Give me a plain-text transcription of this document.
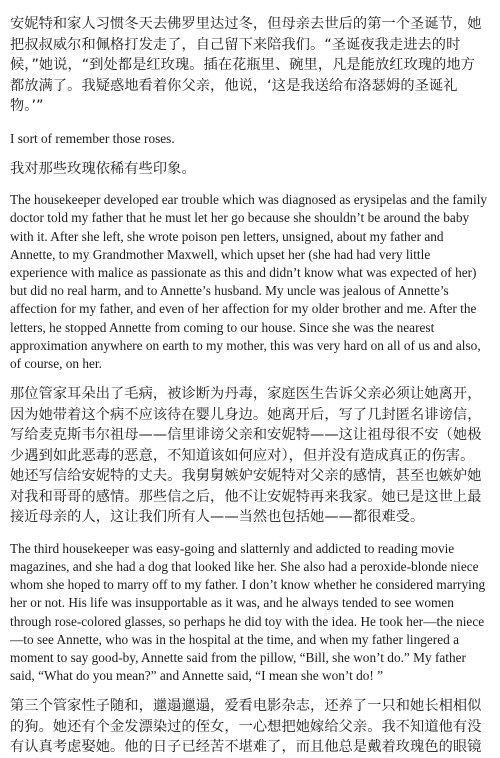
安妮特和家人习惯冬天去佛罗里达过冬，但母亲去世后的第一个圣诞节，她把叔叔威尔和佩格打发走了，自己留下来陪我们。“圣诞夜我走进去的时候，”她说，“到处都是红玫瑰。插在花瓶里、碗里，凡是能放红玫瑰的地方都放满了。我疑惑地看着你父亲，他说，‘这是我送给布洛瑟姆的圣诞礼物。’”

I sort of remember those roses.

我对那些玫瑰依稀有些印象。

The housekeeper developed ear trouble which was diagnosed as erysipelas and the family doctor told my father that he must let her go because she shouldn’t be around the baby with it. After she left, she wrote poison pen letters, unsigned, about my father and Annette, to my Grandmother Maxwell, which upset her (she had had very little experience with malice as passionate as this and didn’t know what was expected of her) but did no real harm, and to Annette’s husband. My uncle was jealous of Annette’s affection for my father, and even of her affection for my older brother and me. After the letters, he stopped Annette from coming to our house. Since she was the nearest approximation anywhere on earth to my mother, this was very hard on all of us and also, of course, on her.

那位管家耳朵出了毛病，被诊断为丹毒，家庭医生告诉父亲必须让她离开，因为她带着这个病不应该待在婴儿身边。她离开后，写了几封匿名诽谤信，写给麦克斯韦尔祖母——信里诽谤父亲和安妮特——这让祖母很不安（她极少遇到如此恶毒的恶意，不知道该如何应对），但并没有造成真正的伤害。她还写信给安妮特的丈夫。我舅舅嫉妒安妮特对父亲的感情，甚至也嫉妒她对我和哥哥的感情。那些信之后，他不让安妮特再来我家。她已是这世上最接近母亲的人，这让我们所有人——当然也包括她——都很难受。

The third housekeeper was easy-going and slatternly and addicted to reading movie magazines, and she had a dog that looked like her. She also had a peroxide-blonde niece whom she hoped to marry off to my father. I don’t know whether he considered marrying her or not. His life was insupportable as it was, and he always tended to see women through rose-colored glasses, so perhaps he did toy with the idea. He took her—the niece—to see Annette, who was in the hospital at the time, and when my father lingered a moment to say good-by, Annette said from the pillow, “Bill, she won’t do.” My father said, “What do you mean?” and Annette said, “I mean she won’t do! ”

第三个管家性子随和，邋遢邋遢，爱看电影杂志，还养了一只和她长相相似的狗。她还有个金发漂染过的侄女，一心想把她嫁给父亲。我不知道他有没有认真考虑娶她。他的日子已经苦不堪难了，而且他总是戴着玫瑰色的眼镜
